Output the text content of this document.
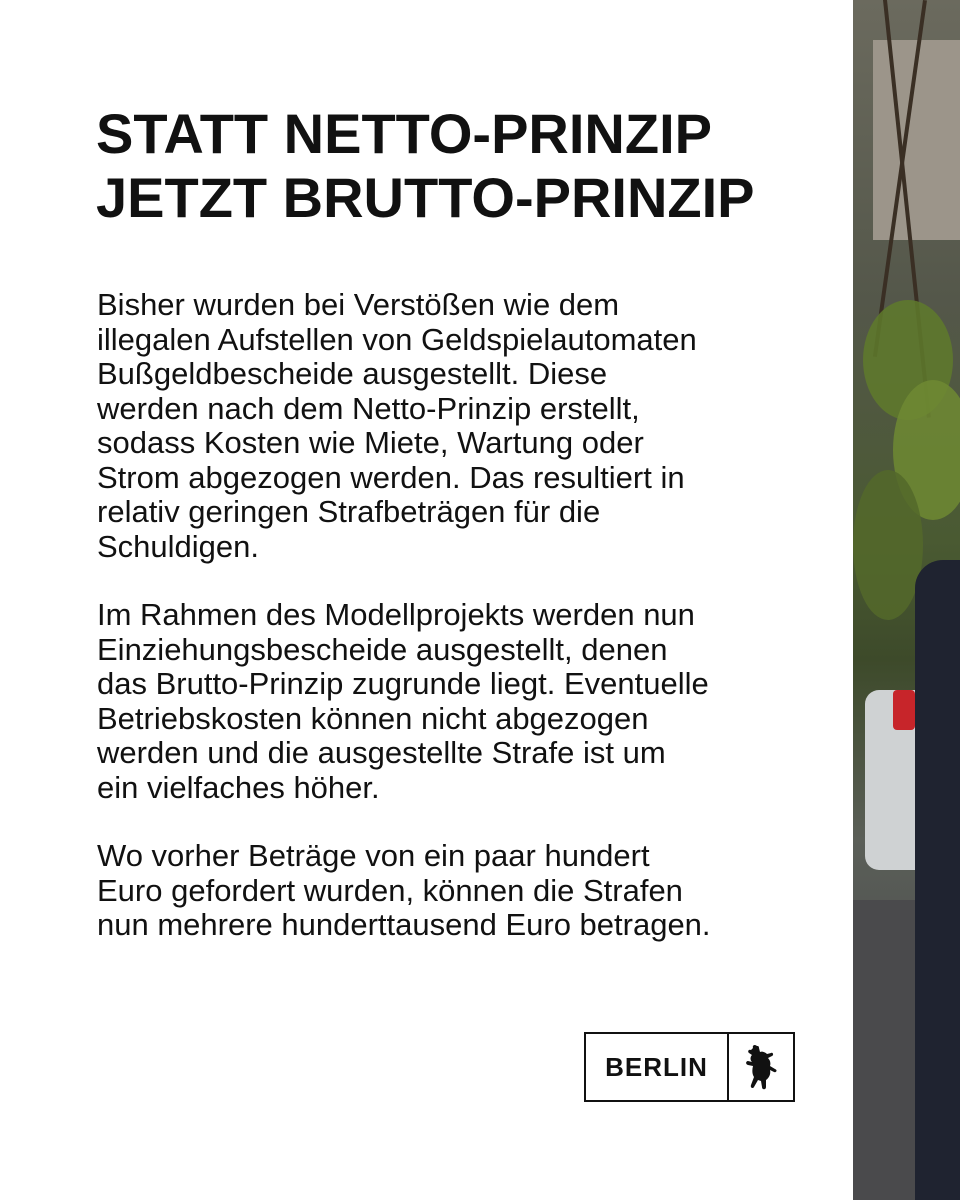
STATT NETTO-PRINZIP
JETZT BRUTTO-PRINZIP

Bisher wurden bei Verstößen wie dem
illegalen Aufstellen von Geldspielautomaten
Bußgeldbescheide ausgestellt. Diese
werden nach dem Netto-Prinzip erstellt,
sodass Kosten wie Miete, Wartung oder
Strom abgezogen werden. Das resultiert in
relativ geringen Strafbeträgen für die
Schuldigen.

Im Rahmen des Modellprojekts werden nun
Einziehungsbescheide ausgestellt, denen
das Brutto-Prinzip zugrunde liegt. Eventuelle
Betriebskosten können nicht abgezogen
werden und die ausgestellte Strafe ist um
ein vielfaches höher.

Wo vorher Beträge von ein paar hundert
Euro gefordert wurden, können die Strafen
nun mehrere hunderttausend Euro betragen.

BERLIN
